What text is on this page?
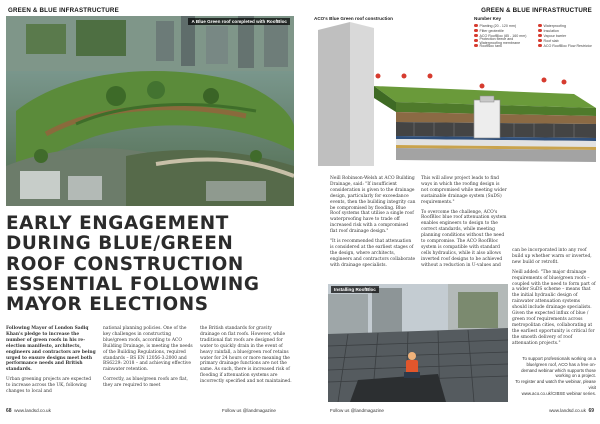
GREEN & BLUE INFRASTRUCTURE
A Blue Green roof completed with RoofBloc
EARLY ENGAGEMENT DURING BLUE/GREEN ROOF CONSTRUCTION ESSENTIAL FOLLOWING MAYOR ELECTIONS

Following Mayor of London Sadiq Khan's pledge to increase the number of green roofs in his re-election manifesto, architects, engineers and contractors are being urged to ensure designs meet both performance needs and British standards.

Urban greening projects are expected to increase across the UK, following changes to local and

national planning policies. One of the key challenges in constructing blue/green roofs, according to ACO Building Drainage, is meeting the needs of the Building Regulations, required standards – BS EN 12056-3:2000 and BS6229: 2018 – and achieving effective rainwater retention.

Correctly, as blue/green roofs are flat, they are required to meet

the British standards for gravity drainage on flat roofs. However, while traditional flat roofs are designed for water to quickly drain in the event of heavy rainfall, a blue/green roof retains water for 24 hours or more meaning the primary drainage functions are not the same. As such, there is increased risk of flooding if attenuation systems are incorrectly specified and not maintained.

68 www.landsd.co.uk	Follow us @landmagazine
GREEN & BLUE INFRASTRUCTURE
ACO's Blue Green roof construction	Number Key
Planting (20 - 120 mm)
Filter geotextile
ACO RoofBloc (85 - 160 mm)
Protection fleece and Waterproofing membrane
RoofBloc tank
Waterproofing
Insulation
Vapour barrier
Roof slab
ACO RoofBloc Flow Restrictor

Neill Robinson-Welsh at ACO Building Drainage, said: "If insufficient consideration is given to the drainage design, particularly for exceedance events, then the building integrity can be compromised by flooding. Blue Roof systems that utilise a single roof waterproofing have to trade off increased risk with a compromised flat roof drainage design."

"It is recommended that attenuation is considered at the earliest stages of the design, where architects, engineers and contractors collaborate with drainage specialists.

This will allow project leads to find ways in which the roofing design is not compromised while meeting wider sustainable drainage system (SuDS) requirements."

To overcome the challenge, ACO's RoofBloc blue roof attenuation system enables engineers to design to the correct standards, while meeting planning conditions without the need to compromise. The ACO RoofBloc system is compatible with standard cells hydraulics, while it also allows inverted roof designs to be achieved without a reduction in U-values and

can be incorporated into any roof build up whether warm or inverted, new build or retrofit.

Neill added: "The major drainage requirements of blue/green roofs – coupled with the need to form part of a wider SuDS scheme – means that the initial hydraulic design of rainwater attenuation systems should include drainage specialists. Given the expected influx of blue / green roof requirements across metropolitan cities, collaborating at the earliest opportunity is critical for the smooth delivery of roof attenuation projects."

Installing RoofBloc
To support professionals working on a blue/green roof, ACO has a free on-demand webinar which supports those working on a project.
To register and watch the webinar, please visit
www.aco.co.uk/CIBSE webinar series.
Follow us @landmagazine	www.landsd.co.uk 69
